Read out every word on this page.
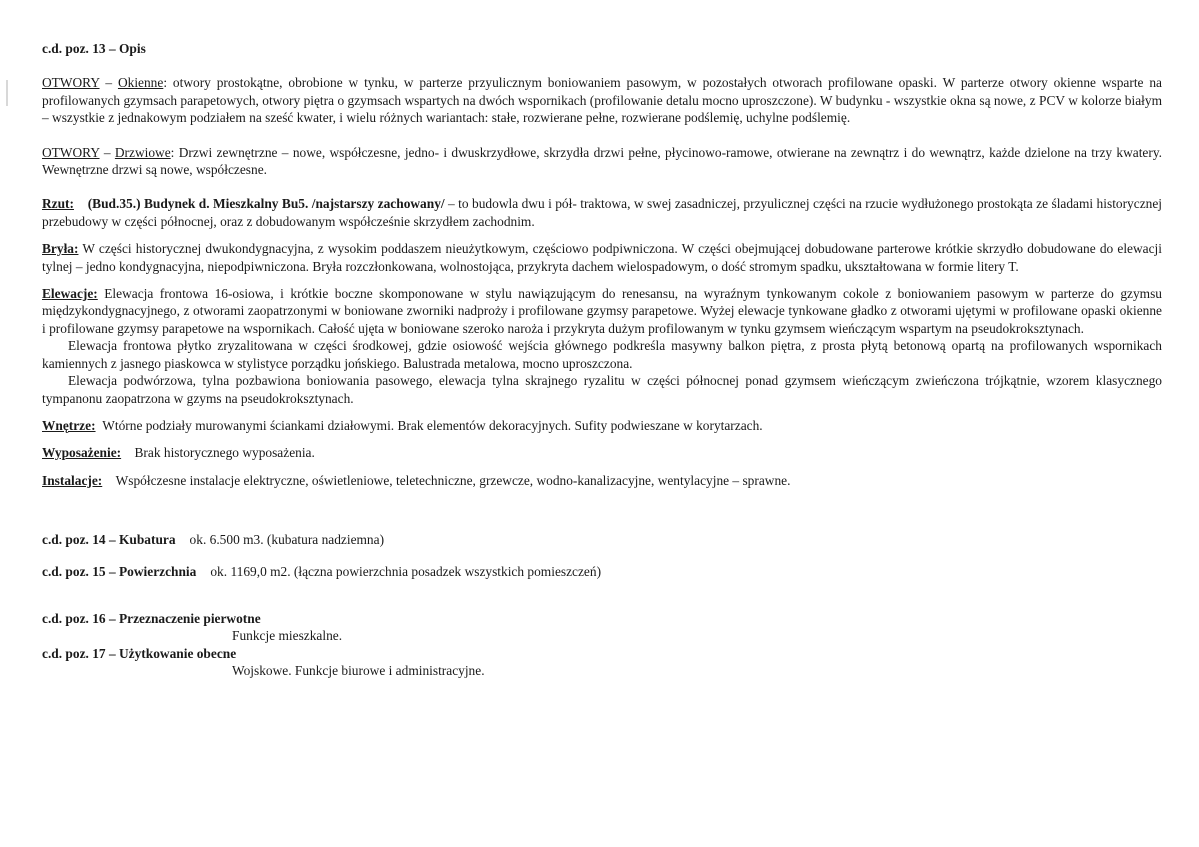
c.d. poz. 13 – Opis

OTWORY – Okienne: otwory prostokątne, obrobione w tynku, w parterze przyulicznym boniowaniem pasowym, w pozostałych otworach profilowane opaski. W parterze otwory okienne wsparte na profilowanych gzymsach parapetowych, otwory piętra o gzymsach wspartych na dwóch wspornikach (profilowanie detalu mocno uproszczone). W budynku - wszystkie okna są nowe, z PCV w kolorze białym – wszystkie z jednakowym podziałem na sześć kwater, i wielu różnych wariantach: stałe, rozwierane pełne, rozwierane podślemię, uchylne podślemię.

OTWORY – Drzwiowe: Drzwi zewnętrzne – nowe, współczesne, jedno- i dwuskrzydłowe, skrzydła drzwi pełne, płycinowo-ramowe, otwierane na zewnątrz i do wewnątrz, każde dzielone na trzy kwatery. Wewnętrzne drzwi są nowe, współczesne.

Rzut: (Bud.35.) Budynek d. Mieszkalny Bu5. /najstarszy zachowany/ – to budowla dwu i pół- traktowa, w swej zasadniczej, przyulicznej części na rzucie wydłużonego prostokąta ze śladami historycznej przebudowy w części północnej, oraz z dobudowanym współcześnie skrzydłem zachodnim.

Bryła: W części historycznej dwukondygnacyjna, z wysokim poddaszem nieużytkowym, częściowo podpiwniczona. W części obejmującej dobudowane parterowe krótkie skrzydło dobudowane do elewacji tylnej – jedno kondygnacyjna, niepodpiwniczona. Bryła rozczłonkowana, wolnostojąca, przykryta dachem wielospadowym, o dość stromym spadku, ukształtowana w formie litery T.

Elewacje: Elewacja frontowa 16-osiowa, i krótkie boczne skomponowane w stylu nawiązującym do renesansu, na wyraźnym tynkowanym cokole z boniowaniem pasowym w parterze do gzymsu międzykondygnacyjnego, z otworami zaopatrzonymi w boniowane zworniki nadproży i profilowane gzymsy parapetowe. Wyżej elewacje tynkowane gładko z otworami ujętymi w profilowane opaski okienne i profilowane gzymsy parapetowe na wspornikach. Całość ujęta w boniowane szeroko naroża i przykryta dużym profilowanym w tynku gzymsem wieńczącym wspartym na pseudokroksztynach.

Elewacja frontowa płytko zryzalitowana w części środkowej, gdzie osiowość wejścia głównego podkreśla masywny balkon piętra, z prosta płytą betonową opartą na profilowanych wspornikach kamiennych z jasnego piaskowca w stylistyce porządku jońskiego. Balustrada metalowa, mocno uproszczona.

Elewacja podwórzowa, tylna pozbawiona boniowania pasowego, elewacja tylna skrajnego ryzalitu w części północnej ponad gzymsem wieńczącym zwieńczona trójkątnie, wzorem klasycznego tympanonu zaopatrzona w gzyms na pseudokroksztynach.

Wnętrze: Wtórne podziały murowanymi ściankami działowymi. Brak elementów dekoracyjnych. Sufity podwieszane w korytarzach.

Wyposażenie: Brak historycznego wyposażenia.

Instalacje: Współczesne instalacje elektryczne, oświetleniowe, teletechniczne, grzewcze, wodno-kanalizacyjne, wentylacyjne – sprawne.

c.d. poz. 14 – Kubatura ok. 6.500 m3. (kubatura nadziemna)

c.d. poz. 15 – Powierzchnia ok. 1169,0 m2. (łączna powierzchnia posadzek wszystkich pomieszczeń)

c.d. poz. 16 – Przeznaczenie pierwotne

Funkcje mieszkalne.

c.d. poz. 17 – Użytkowanie obecne

Wojskowe. Funkcje biurowe i administracyjne.
